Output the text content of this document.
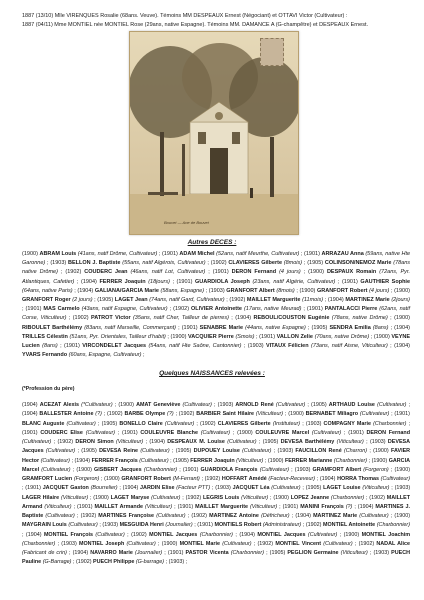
1887 (13/10) Mlle VIRENQUES Rosalie (68ans. Veuve). Témoins MM DESPEAUX Ernest (Négociant) et OTTAVI Victor (Cultivateur) :

1887 (04/11) Mme MONTIEL née MONTIEL Rose (29ans, native Espagne). Témoins MM. DAMANCE A (G-champêtre) et DESPEAUX Ernest.

Bouvet — Ane de Bouvet
Autres DECES :
(1900) ABRAM Louis (41ans, natif Drôme, Cultivateur) ; (1901) ADAM Michel (52ans, natif Meurthe, Cultivateur) ; (1901) ARRAZAU Anna (59ans, native Hte Garonne) ; (1903) BELLON J. Baptiste (55ans, natif Algérois, Cultivateur) ; (1902) CLAVIERES Gilberte (8mois) ; (1905) COLINSON/NEMOZ Marie (78ans native Drôme) ; (1902) COUDERC Jean (46ans, natif Lot, Cultivateur) ; (1901) DERON Fernand (4 jours) ; (1900) DESPAUX Romain (72ans, Pyr. Atlantiques, Cafetier) ; (1904) FERRER Joaquin (18jours) ; (1901) GUARDIOLA Joseph (23ans, natif Algérie, Cultivateur) ; (1901) GAUTHIER Sophie (64ans, native Paris) ; (1904) GALIANA/GARCIA Marie (58ans, Espagne) ; (1903) GRANFORT Albert (8mois) ; (1900) GRANFORT Robert (4 jours) ; (1900) GRANFORT Roger (2 jours) ; (1905) LAGET Jean (74ans, natif Gard, Cultivateur) ; (1902) MAILLET Marguerite (11mois) ; (1904) MARTINEZ Marie (2jours) ; (1901) MAS Carmelo (43ans, natif Espagne, Cultivateur) ; (1902) OLIVIER Antoinette (17ans, native Meurad) ; (1901) PANTALACCI Pierre (62ans, natif Corse, Viticulteur) ; (1902) PATROT Victor (35ans, natif Cher, Tailleur de pierres) ; (1904) REBOUL/COUSTON Eugénie (78ans, native Drôme) ; (1900) RIBOULET Barthélémy (83ans, natif Marseille, Commerçant) ; (1901) SENABRE Marie (44ans, native Espagne) ; (1905) SENDRA Emilia (8ans) ; (1904) TRILLES Célestin (51ans, Pyr. Orientales, Tailleur d'habit) ; (1900) VACQUIER Pierre (Smois) ; (1901) VALLON Zelie (70ans, native Drôme) ; (1900) VEYNE Lucien (8ans) ; (1901) VIRCONDELET Jacques (54ans, natif Hte Saône, Cantonnier) ; (1903) VITAUX Félicien (73ans, natif Aisne, Viticulteur) ; (1904) YVARS Fernando (60ans, Espagne, Cultivateur) ;
Quelques NAISSANCES relevées :
(*Profession du père)
(1904) ACEZAT Alexis (*Cultivateur) ; (1900) AMAT Geneviève (Cultivateur) ; (1903) ARNOLD René (Cultivateur) ; (1905) ARTHAUD Louise (Cultivateur) ; (1904) BALLESTER Antoine (?) ; (1902) BARBE Olympe (?) ; (1902) BARBIER Saint Hilaire (Viticulteur) ; (1900) BERNABET Miliagro (Cultivateur) ; (1901) BLANC Auguste (Cultivateur) ; (1905) BONELLO Claire (Cultivateur) ; (1902) CLAVIERES Gilberte (Instituteur) ; (1903) COMPAGNY Marie (Charbonnier) ; (1901) COUDERC Elise (Cultivateur) ; (1901) COULEUVRE Blanche (Cultivateur) ; (1900) COULEUVRE Marcel (Cultivateur) ; (1901) DERON Fernand (Cultivateur) ; (1902) DERON Simon (Viticulteur) ; (1904) DESPEAUX M. Louise (Cultivateur) ; (1905) DEVESA Barthélémy (Viticulteur) ; (1903) DEVESA Jacques (Cultivateur) ; (1905) DEVESA Reine (Cultivateur) ; (1905) DUPOUEY Louise (Cultivateur) ; (1903) FAUCILLON René (Charron) ; (1900) FAVIER Hector (Cultivateur) ; (1904) FERRER François (Cultivateur) ; (1905) FERRER Joaquin (Viticulteur) ; (1900) FERRER Marianne (Charbonnier) ; (1900) GARCIA Marcel (Cultivateur) ; (1900) GISBERT Jacques (Charbonnier) ; (1901) GUARDIOLA François (Cultivateur) ; (1903) GRAMFORT Albert (Forgeron) ; (1900) GRAMFORT Lucien (Forgeron) ; (1900) GRANFORT Robert (M-Ferrant) ; (1902) HOFFART Amédé (Facteur-Receveur) ; (1904) HORRA Thomas (Cultivateur) ; (1901) JACQUET Gaston (Bourrelier) ; (1904) JARDIN Elise (Facteur PTT) ; (1903) JACQUET Léa (Cultivateur) ; (1905) LAGET Louise (Viticulteur) ; (1903) LAGER Hilaire (Viticulteur) ; (1900) LAGET Maryse (Cultivateur) ; (1902) LEGRIS Louis (Viticulteur) ; (1900) LOPEZ Jeanne (Charbonnier) ; (1902) MAILLET Armand (Viticulteur) ; (1901) MAILLET Armande (Viticulteur) ; (1901) MAILLET Marguerite (Viticulteur) ; (1901) MANINI François (?) ; (1904) MARTINES J. Baptiste (Cultivateur) ; (1902) MARTINES Françoise (Cultivateur) ; (1902) MARTINEZ Antoine (Défricheur) ; (1904) MARTINEZ Marie (Cultivateur) ; (1900) MAYGRAIN Louis (Cultivateur) ; (1903) MESGUIDA Henri (Journalier) ; (1901) MONTIELS Robert (Administrateur) ; (1902) MONTIEL Antoinette (Charbonnier) ; (1904) MONTIEL François (Cultivateur) ; (1902) MONTIEL Jacques (Charbonnier) ; (1904) MONTIEL Jacques (Cultivateur) ; (1900) MONTIEL Joachim (Charbonnier) ; (1903) MONTIEL Joseph (Cultivateur) ; (1900) MONTIEL Marie (Cultivateur) ; (1902) MONTIEL Vincent (Cultivateur) ; (1902) NADAL Alice (Fabricant de crin) ; (1904) NAVARRO Marie (Journalier) ; (1901) PASTOR Vicenta (Charbonnier) ; (1905) PEGLION Germaine (Viticulteur) ; (1903) PUECH Pauline (G-Barrage) ; (1902) PUECH Philippe (G-barrage) ; (1903) ;
